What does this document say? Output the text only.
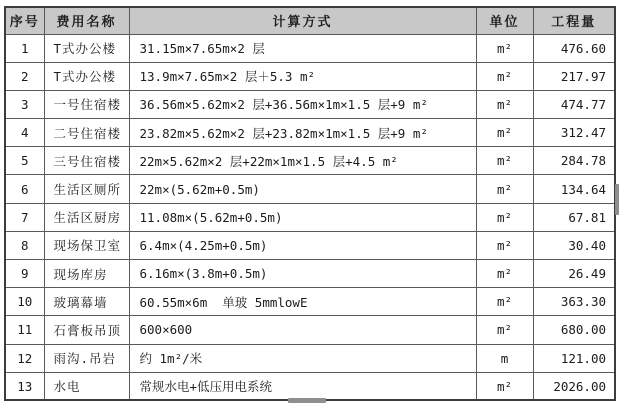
序号	费用名称	计算方式	单位	工程量
1	T式办公楼	31.15m×7.65m×2 层	m²	476.60
2	T式办公楼	13.9m×7.65m×2 层＋5.3 m²	m²	217.97
3	一号住宿楼	36.56m×5.62m×2 层+36.56m×1m×1.5 层+9 m²	m²	474.77
4	二号住宿楼	23.82m×5.62m×2 层+23.82m×1m×1.5 层+9 m²	m²	312.47
5	三号住宿楼	22m×5.62m×2 层+22m×1m×1.5 层+4.5 m²	m²	284.78
6	生活区厕所	22m×(5.62m+0.5m)	m²	134.64
7	生活区厨房	11.08m×(5.62m+0.5m)	m²	67.81
8	现场保卫室	6.4m×(4.25m+0.5m)	m²	30.40
9	现场库房	6.16m×(3.8m+0.5m)	m²	26.49
10	玻璃幕墙	60.55m×6m  单玻 5mmlowE	m²	363.30
11	石膏板吊顶	600×600	m²	680.00
12	雨沟.吊岩	约 1m²/米	m	121.00
13	水电	常规水电+低压用电系统	m²	2026.00
